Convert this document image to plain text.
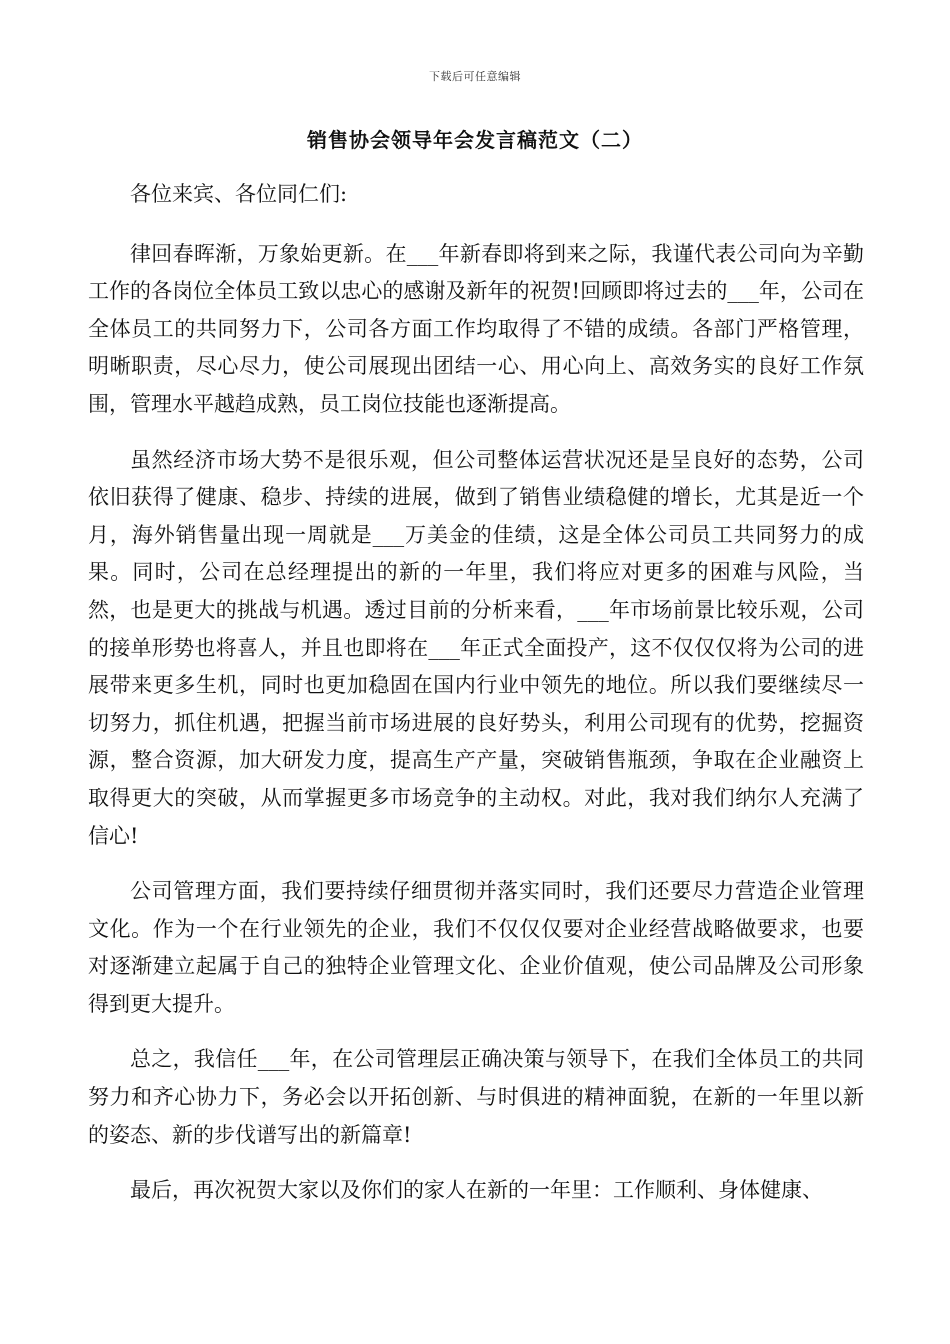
下载后可任意编辑
销售协会领导年会发言稿范文（二）

各位来宾、各位同仁们:

律回春晖渐，万象始更新。在___年新春即将到来之际，我谨代表公司向为辛勤工作的各岗位全体员工致以忠心的感谢及新年的祝贺!回顾即将过去的___年，公司在全体员工的共同努力下，公司各方面工作均取得了不错的成绩。各部门严格管理，明晰职责，尽心尽力，使公司展现出团结一心、用心向上、高效务实的良好工作氛围，管理水平越趋成熟，员工岗位技能也逐渐提高。

虽然经济市场大势不是很乐观，但公司整体运营状况还是呈良好的态势，公司依旧获得了健康、稳步、持续的进展，做到了销售业绩稳健的增长，尤其是近一个月，海外销售量出现一周就是___万美金的佳绩，这是全体公司员工共同努力的成果。同时，公司在总经理提出的新的一年里，我们将应对更多的困难与风险，当然，也是更大的挑战与机遇。透过目前的分析来看，___年市场前景比较乐观，公司的接单形势也将喜人，并且也即将在___年正式全面投产，这不仅仅仅将为公司的进展带来更多生机，同时也更加稳固在国内行业中领先的地位。所以我们要继续尽一切努力，抓住机遇，把握当前市场进展的良好势头，利用公司现有的优势，挖掘资源，整合资源，加大研发力度，提高生产产量，突破销售瓶颈，争取在企业融资上取得更大的突破，从而掌握更多市场竞争的主动权。对此，我对我们纳尔人充满了信心!

公司管理方面，我们要持续仔细贯彻并落实同时，我们还要尽力营造企业管理文化。作为一个在行业领先的企业，我们不仅仅仅要对企业经营战略做要求，也要对逐渐建立起属于自己的独特企业管理文化、企业价值观，使公司品牌及公司形象得到更大提升。

总之，我信任___年，在公司管理层正确决策与领导下，在我们全体员工的共同努力和齐心协力下，务必会以开拓创新、与时俱进的精神面貌，在新的一年里以新的姿态、新的步伐谱写出的新篇章!

最后，再次祝贺大家以及你们的家人在新的一年里：工作顺利、身体健康、
